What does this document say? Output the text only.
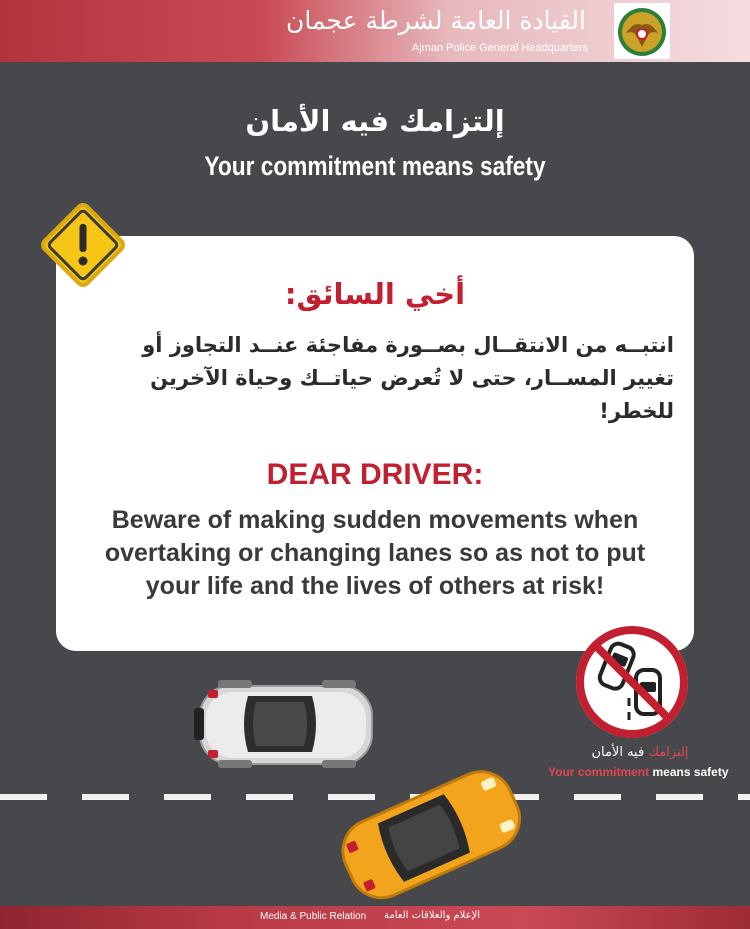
القيادة العامة لشرطة عجمان
Ajman Police General Headquarters
إلتزامك فيه الأمان
Your commitment means safety
أخي السائق:
انتبــه من الانتقــال بصــورة مفاجئة عنــد التجاوز أو تغيير المســار، حتى لا تُعرض حياتــك وحياة الآخرين للخطر!
DEAR DRIVER:
Beware of making sudden movements when overtaking or changing lanes so as not to put your life and the lives of others at risk!
إلتزامك فيه الأمان
Your commitment means safety
Media & Public Relation الإعلام والعلاقات العامة
